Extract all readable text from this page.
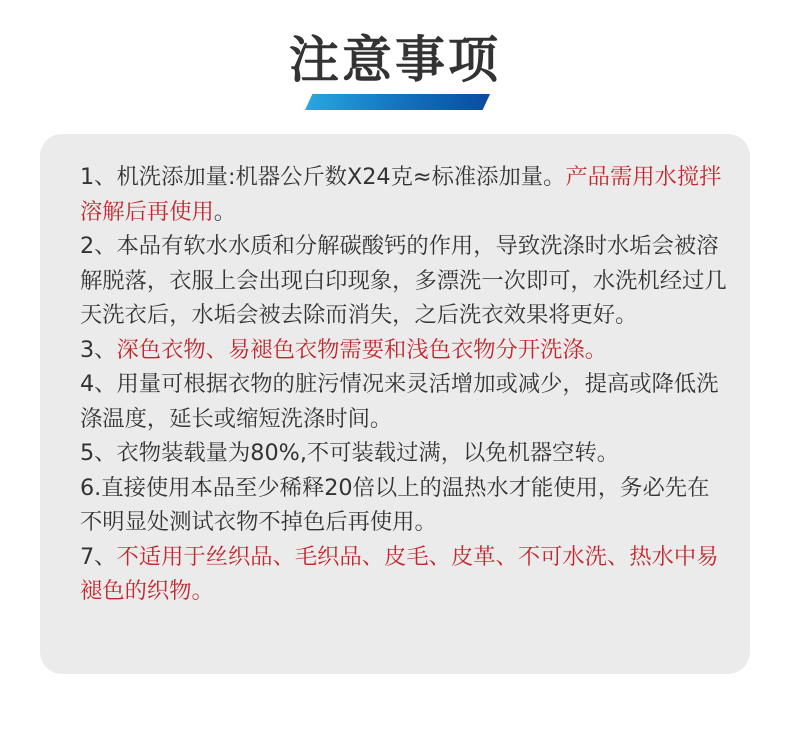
注意事项

1、机洗添加量:机器公斤数X24克≈标准添加量。产品需用水搅拌溶解后再使用。

2、本品有软水水质和分解碳酸钙的作用，导致洗涤时水垢会被溶解脱落，衣服上会出现白印现象，多漂洗一次即可，水洗机经过几天洗衣后，水垢会被去除而消失，之后洗衣效果将更好。

3、深色衣物、易褪色衣物需要和浅色衣物分开洗涤。

4、用量可根据衣物的脏污情况来灵活增加或减少，提高或降低洗涤温度，延长或缩短洗涤时间。

5、衣物装载量为80%,不可装载过满，以免机器空转。

6.直接使用本品至少稀释20倍以上的温热水才能使用，务必先在不明显处测试衣物不掉色后再使用。

7、不适用于丝织品、毛织品、皮毛、皮革、不可水洗、热水中易褪色的织物。
